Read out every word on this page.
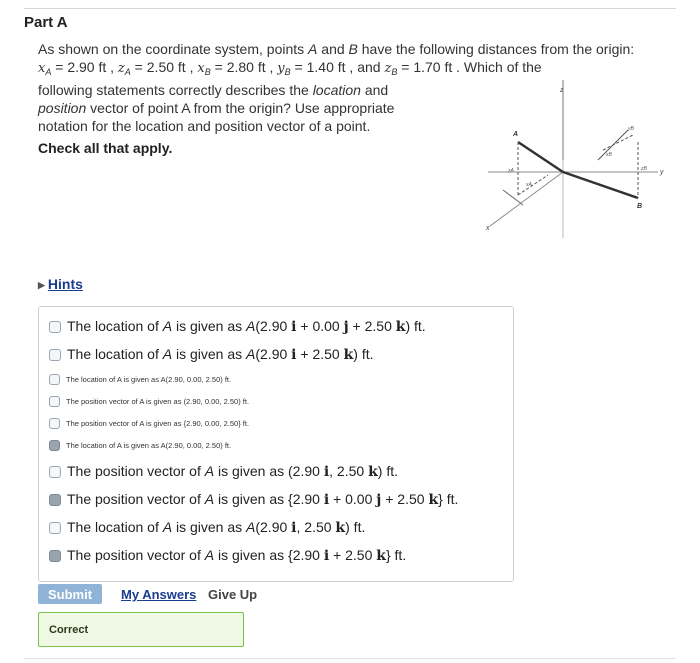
Part A
As shown on the coordinate system, points A and B have the following distances from the origin:
$x_A = 2.90$ ft , $z_A = 2.50$ ft , $x_B = 2.80$ ft , $y_B = 1.40$ ft , and $z_B = 1.70$ ft . Which of the
following statements correctly describes the location and
position vector of point A from the origin? Use appropriate
notation for the location and position vector of a point.
Check all that apply.
z
y
x
A
B
zA
xA
yB
xB
zB
▶ Hints
The location of A is given as A(2.90 i + 0.00 j + 2.50 k) ft.
The location of A is given as A(2.90 i + 2.50 k) ft.
The location of A is given as A(2.90, 0.00, 2.50) ft.
The position vector of A is given as (2.90, 0.00, 2.50) ft.
The position vector of A is given as {2.90, 0.00, 2.50} ft.
The location of A is given as A(2.90, 0.00, 2.50) ft.
The position vector of A is given as (2.90 i, 2.50 k) ft.
The position vector of A is given as {2.90 i + 0.00 j + 2.50 k} ft.
The location of A is given as A(2.90 i, 2.50 k) ft.
The position vector of A is given as {2.90 i + 2.50 k} ft.
Submit	My Answers Give Up
Correct
